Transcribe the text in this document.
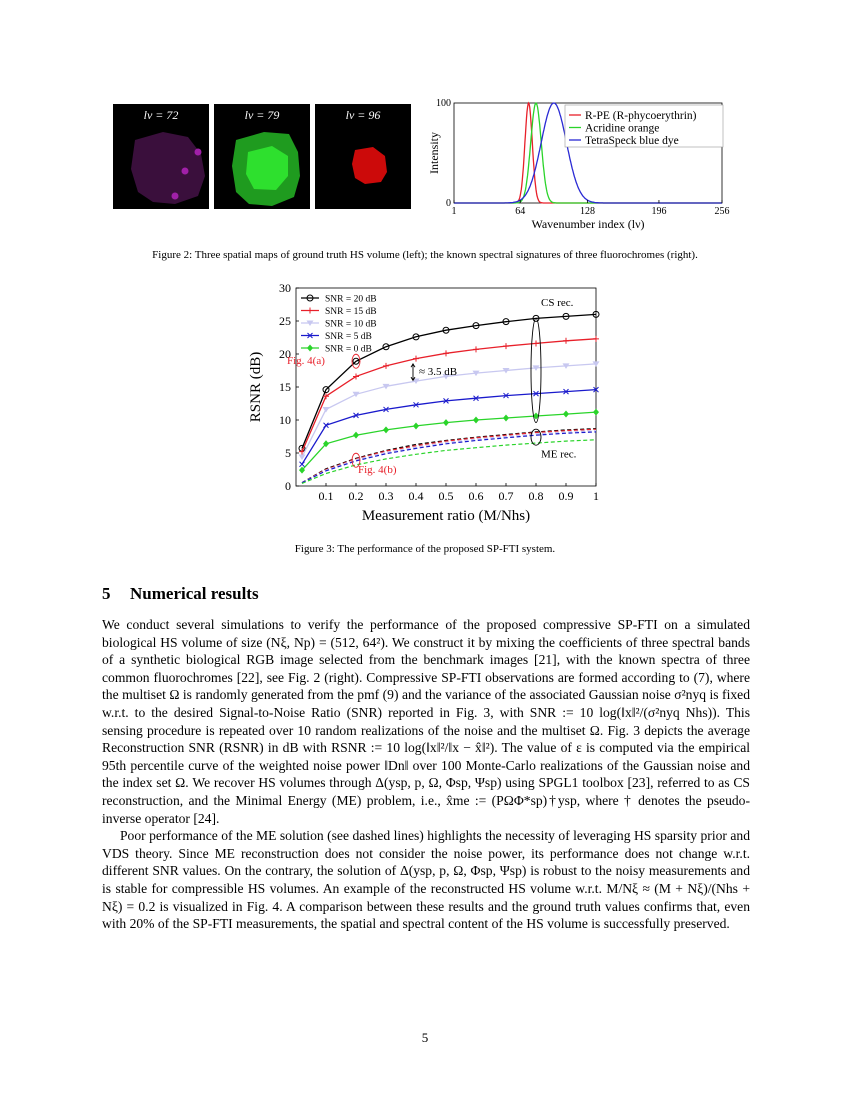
lν = 72	lν = 79	lν = 96
1	64	128	196	256
0
100
Wavenumber index (lν)
Intensity
R-PE (R-phycoerythrin)
Acridine orange
TetraSpeck blue dye
Figure 2: Three spatial maps of ground truth HS volume (left); the known spectral signatures of three fluorochromes (right).
0.1 0.2 0.3 0.4 0.5 0.6 0.7 0.8 0.9 1
0
5
10
15
20
25
30
Measurement ratio (M/Nhs)
RSNR (dB)
SNR = 20 dB
SNR = 15 dB
SNR = 10 dB
SNR = 5 dB
SNR = 0 dB
CS rec.
ME rec.
≈ 3.5 dB
Fig. 4(a)
Fig. 4(b)
Figure 3: The performance of the proposed SP-FTI system.
5 Numerical results

We conduct several simulations to verify the performance of the proposed compressive SP-FTI on a simulated biological HS volume of size (Nξ, Np) = (512, 64²). We construct it by mixing the coefficients of three spectral bands of a synthetic biological RGB image selected from the benchmark images [21], with the known spectra of three common fluorochromes [22], see Fig. 2 (right). Compressive SP-FTI observations are formed according to (7), where the multiset Ω is randomly generated from the pmf (9) and the variance of the associated Gaussian noise σ²nyq is fixed w.r.t. to the desired Signal-to-Noise Ratio (SNR) reported in Fig. 3, with SNR := 10 log(‖x‖²/(σ²nyq Nhs)). This sensing procedure is repeated over 10 random realizations of the noise and the multiset Ω. Fig. 3 depicts the average Reconstruction SNR (RSNR) in dB with RSNR := 10 log(‖x‖²/‖x − x̂‖²). The value of ε is computed via the empirical 95th percentile curve of the weighted noise power ‖Dn‖ over 100 Monte-Carlo realizations of the Gaussian noise and the index set Ω. We recover HS volumes through Δ(ysp, p, Ω, Φsp, Ψsp) using SPGL1 toolbox [23], referred to as CS reconstruction, and the Minimal Energy (ME) problem, i.e., x̂me := (PΩΦ*sp)†ysp, where † denotes the pseudo-inverse operator [24].

Poor performance of the ME solution (see dashed lines) highlights the necessity of leveraging HS sparsity prior and VDS theory. Since ME reconstruction does not consider the noise power, its performance does not change w.r.t. different SNR values. On the contrary, the solution of Δ(ysp, p, Ω, Φsp, Ψsp) is robust to the noisy measurements and is stable for compressible HS volumes. An example of the reconstructed HS volume w.r.t. M/Nξ ≈ (M + Nξ)/(Nhs + Nξ) = 0.2 is visualized in Fig. 4. A comparison between these results and the ground truth values confirms that, even with 20% of the SP-FTI measurements, the spatial and spectral content of the HS volume is successfully preserved.

5
